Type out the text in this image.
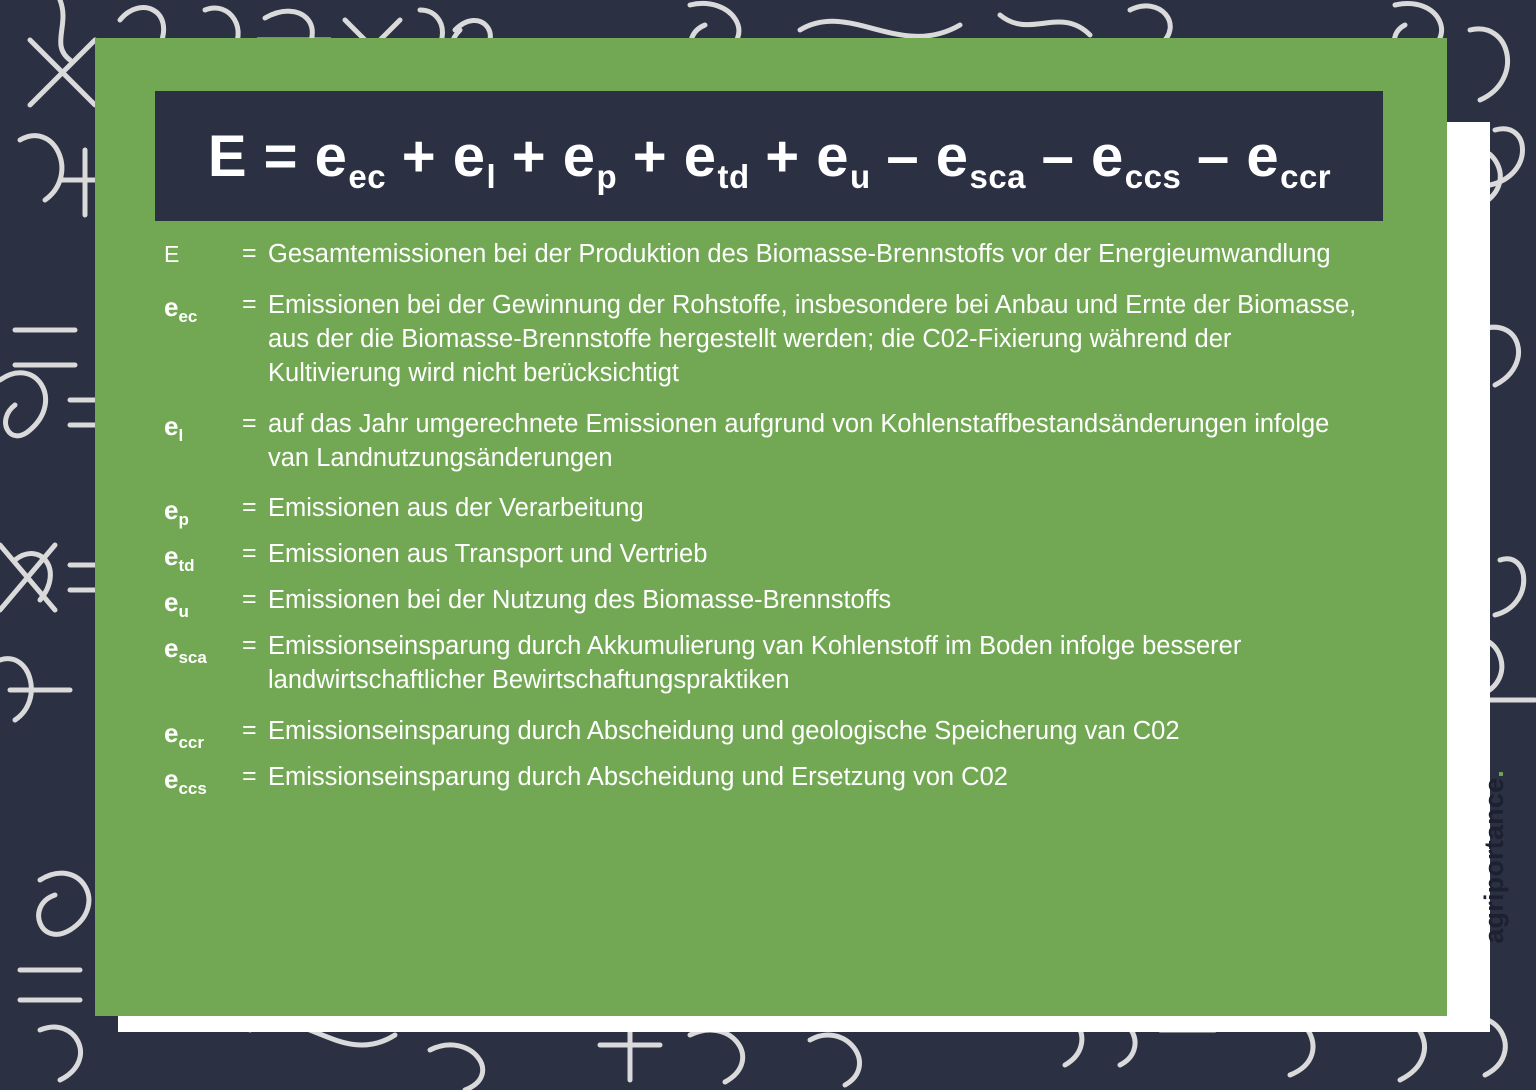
$E = e_{ec} + e_l + e_p + e_{td} + e_u - e_{sca} - e_{ccs} - e_{ccr}$
E	= Gesamtemissionen bei der Produktion des Biomasse-Brennstoffs vor der Energieumwandlung
$e_{ec}$	= Emissionen bei der Gewinnung der Rohstoffe, insbesondere bei Anbau und Ernte der Biomasse, aus der die Biomasse-Brennstoffe hergestellt werden; die C02-Fixierung während der Kultivierung wird nicht berücksichtigt
$e_l$	= auf das Jahr umgerechnete Emissionen aufgrund von Kohlenstaffbestandsänderungen infolge van Landnutzungsänderungen
$e_p$	= Emissionen aus der Verarbeitung
$e_{td}$	= Emissionen aus Transport und Vertrieb
$e_u$	= Emissionen bei der Nutzung des Biomasse-Brennstoffs
$e_{sca}$	= Emissionseinsparung durch Akkumulierung van Kohlenstoff im Boden infolge besserer landwirtschaftlicher Bewirtschaftungspraktiken
$e_{ccr}$	= Emissionseinsparung durch Abscheidung und geologische Speicherung van C02
$e_{ccs}$	= Emissionseinsparung durch Abscheidung und Ersetzung von C02
agriportance.
